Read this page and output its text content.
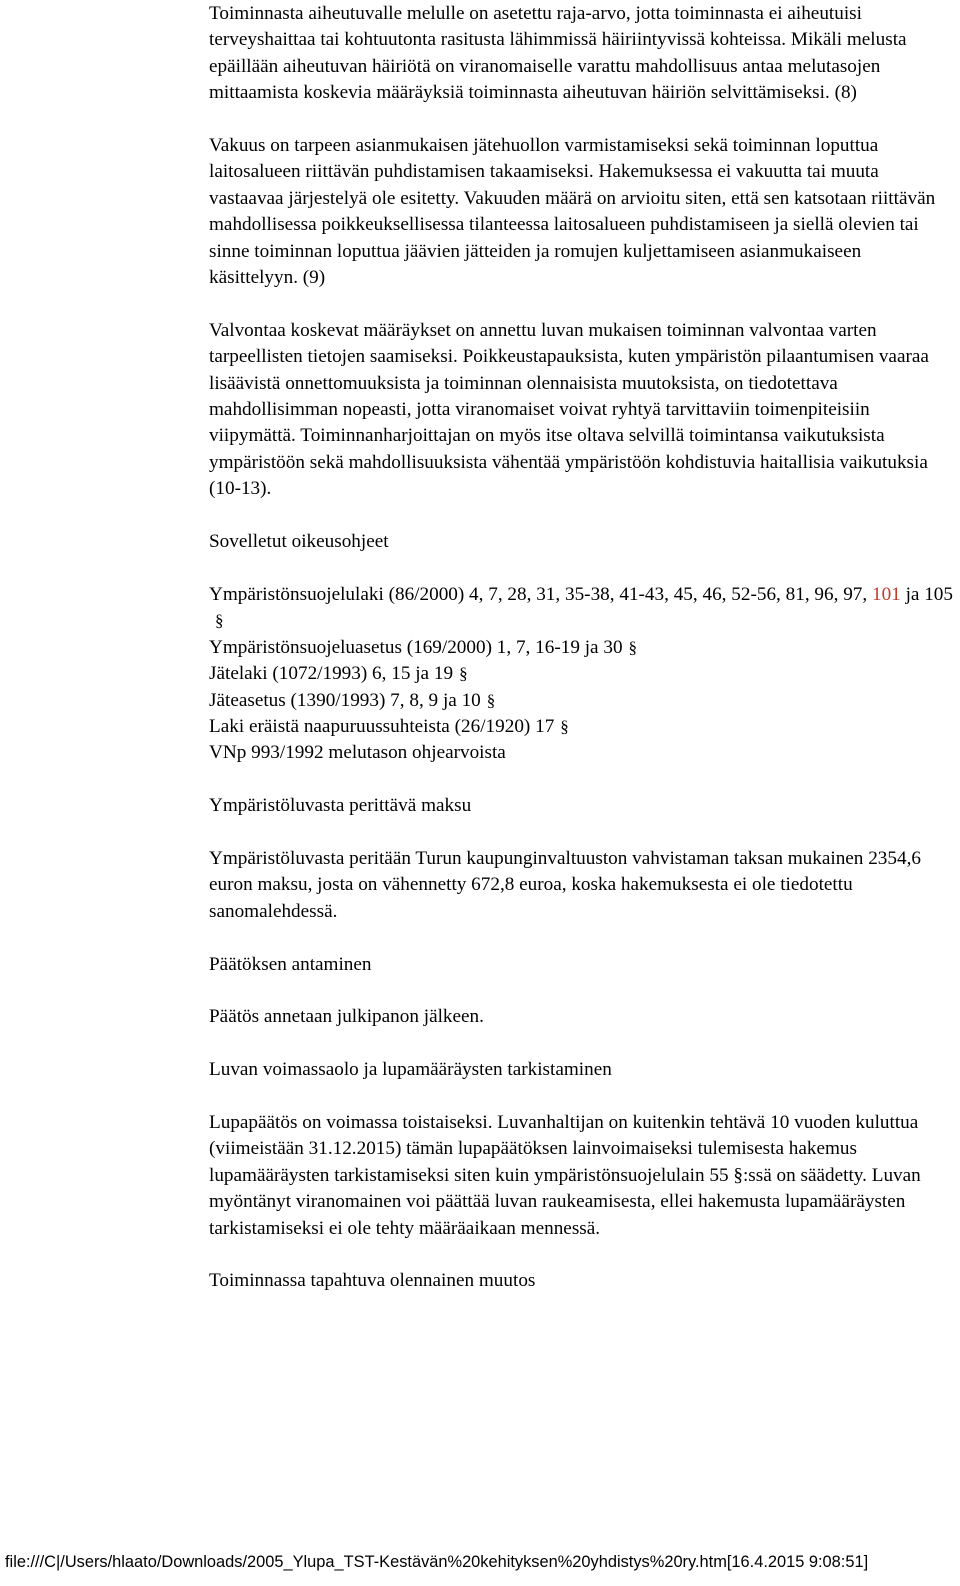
Toiminnasta aiheutuvalle melulle on asetettu raja-arvo, jotta toiminnasta ei aiheutuisi terveyshaittaa tai kohtuutonta rasitusta lähimmissä häiriintyvissä kohteissa. Mikäli melusta epäillään aiheutuvan häiriötä on viranomaiselle varattu mahdollisuus antaa melutasojen mittaamista koskevia määräyksiä toiminnasta aiheutuvan häiriön selvittämiseksi. (8)

Vakuus on tarpeen asianmukaisen jätehuollon varmistamiseksi sekä toiminnan loputtua laitosalueen riittävän puhdistamisen takaamiseksi. Hakemuksessa ei vakuutta tai muuta vastaavaa järjestelyä ole esitetty. Vakuuden määrä on arvioitu siten, että sen katsotaan riittävän mahdollisessa poikkeuksellisessa tilanteessa laitosalueen puhdistamiseen ja siellä olevien tai sinne toiminnan loputtua jäävien jätteiden ja romujen kuljettamiseen asianmukaiseen käsittelyyn. (9)

Valvontaa koskevat määräykset on annettu luvan mukaisen toiminnan valvontaa varten tarpeellisten tietojen saamiseksi. Poikkeustapauksista, kuten ympäristön pilaantumisen vaaraa lisäävistä onnettomuuksista ja toiminnan olennaisista muutoksista, on tiedotettava mahdollisimman nopeasti, jotta viranomaiset voivat ryhtyä tarvittaviin toimenpiteisiin viipymättä. Toiminnanharjoittajan on myös itse oltava selvillä toimintansa vaikutuksista ympäristöön sekä mahdollisuuksista vähentää ympäristöön kohdistuvia haitallisia vaikutuksia (10-13).

Sovelletut oikeusohjeet

Ympäristönsuojelulaki (86/2000) 4, 7, 28, 31, 35-38, 41-43, 45, 46, 52-56, 81, 96, 97, 101 ja 105§
Ympäristönsuojeluasetus (169/2000) 1, 7, 16-19 ja 30 §
Jätelaki (1072/1993) 6, 15 ja 19 §
Jäteasetus (1390/1993) 7, 8, 9 ja 10 §
Laki eräistä naapuruussuhteista (26/1920) 17 §
VNp 993/1992 melutason ohjearvoista

Ympäristöluvasta perittävä maksu

Ympäristöluvasta peritään Turun kaupunginvaltuuston vahvistaman taksan mukainen 2354,6 euron maksu, josta on vähennetty 672,8 euroa, koska hakemuksesta ei ole tiedotettu sanomalehdessä.

Päätöksen antaminen

Päätös annetaan julkipanon jälkeen.

Luvan voimassaolo ja lupamääräysten tarkistaminen

Lupapäätös on voimassa toistaiseksi. Luvanhaltijan on kuitenkin tehtävä 10 vuoden kuluttua (viimeistään 31.12.2015) tämän lupapäätöksen lainvoimaiseksi tulemisesta hakemus lupamääräysten tarkistamiseksi siten kuin ympäristönsuojelulain 55 §:ssä on säädetty. Luvan myöntänyt viranomainen voi päättää luvan raukeamisesta, ellei hakemusta lupamääräysten tarkistamiseksi ei ole tehty määräaikaan mennessä.

Toiminnassa tapahtuva olennainen muutos

file:///C|/Users/hlaato/Downloads/2005_Ylupa_TST-Kestävän%20kehityksen%20yhdistys%20ry.htm[16.4.2015 9:08:51]
